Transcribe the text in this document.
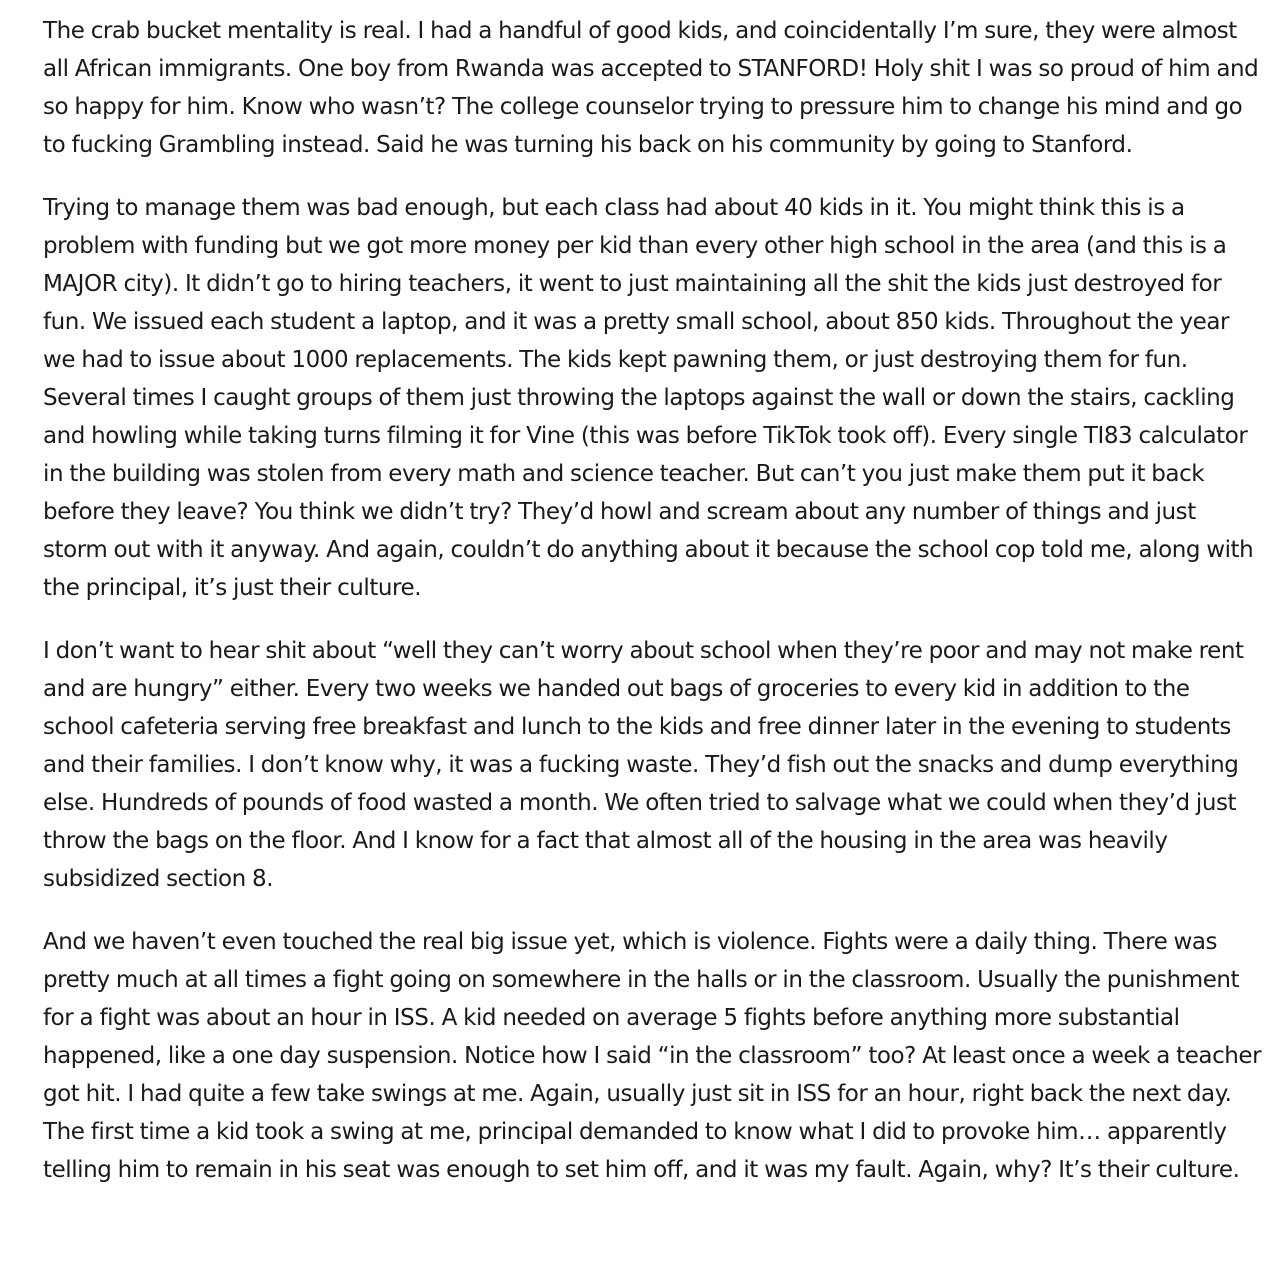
The crab bucket mentality is real. I had a handful of good kids, and coincidentally I’m sure, they were almost all African immigrants. One boy from Rwanda was accepted to STANFORD! Holy shit I was so proud of him and so happy for him. Know who wasn’t? The college counselor trying to pressure him to change his mind and go to fucking Grambling instead. Said he was turning his back on his community by going to Stanford.

Trying to manage them was bad enough, but each class had about 40 kids in it. You might think this is a problem with funding but we got more money per kid than every other high school in the area (and this is a MAJOR city). It didn’t go to hiring teachers, it went to just maintaining all the shit the kids just destroyed for fun. We issued each student a laptop, and it was a pretty small school, about 850 kids. Throughout the year we had to issue about 1000 replacements. The kids kept pawning them, or just destroying them for fun. Several times I caught groups of them just throwing the laptops against the wall or down the stairs, cackling and howling while taking turns filming it for Vine (this was before TikTok took off). Every single TI83 calculator in the building was stolen from every math and science teacher. But can’t you just make them put it back before they leave? You think we didn’t try? They’d howl and scream about any number of things and just storm out with it anyway. And again, couldn’t do anything about it because the school cop told me, along with the principal, it’s just their culture.

I don’t want to hear shit about “well they can’t worry about school when they’re poor and may not make rent and are hungry” either. Every two weeks we handed out bags of groceries to every kid in addition to the school cafeteria serving free breakfast and lunch to the kids and free dinner later in the evening to students and their families. I don’t know why, it was a fucking waste. They’d fish out the snacks and dump everything else. Hundreds of pounds of food wasted a month. We often tried to salvage what we could when they’d just throw the bags on the floor. And I know for a fact that almost all of the housing in the area was heavily subsidized section 8.

And we haven’t even touched the real big issue yet, which is violence. Fights were a daily thing. There was pretty much at all times a fight going on somewhere in the halls or in the classroom. Usually the punishment for a fight was about an hour in ISS. A kid needed on average 5 fights before anything more substantial happened, like a one day suspension. Notice how I said “in the classroom” too? At least once a week a teacher got hit. I had quite a few take swings at me. Again, usually just sit in ISS for an hour, right back the next day. The first time a kid took a swing at me, principal demanded to know what I did to provoke him… apparently telling him to remain in his seat was enough to set him off, and it was my fault. Again, why? It’s their culture.
